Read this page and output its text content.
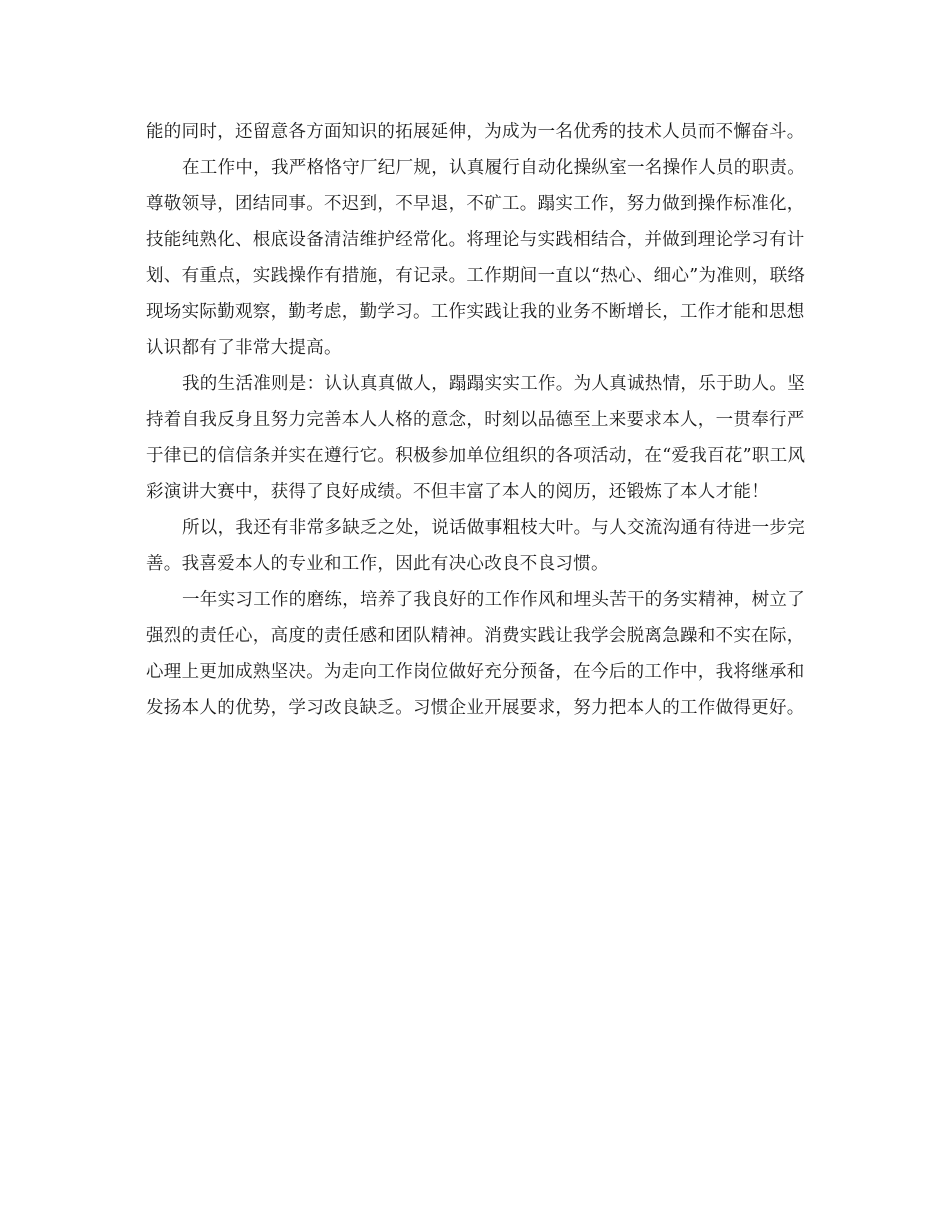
能的同时，还留意各方面知识的拓展延伸，为成为一名优秀的技术人员而不懈奋斗。

在工作中，我严格恪守厂纪厂规，认真履行自动化操纵室一名操作人员的职责。尊敬领导，团结同事。不迟到，不早退，不矿工。蹋实工作，努力做到操作标准化，技能纯熟化、根底设备清洁维护经常化。将理论与实践相结合，并做到理论学习有计划、有重点，实践操作有措施，有记录。工作期间一直以“热心、细心”为准则，联络现场实际勤观察，勤考虑，勤学习。工作实践让我的业务不断增长，工作才能和思想认识都有了非常大提高。

我的生活准则是：认认真真做人，蹋蹋实实工作。为人真诚热情，乐于助人。坚持着自我反身且努力完善本人人格的意念，时刻以品德至上来要求本人，一贯奉行严于律已的信信条并实在遵行它。积极参加单位组织的各项活动，在“爱我百花”职工风彩演讲大赛中，获得了良好成绩。不但丰富了本人的阅历，还锻炼了本人才能！

所以，我还有非常多缺乏之处，说话做事粗枝大叶。与人交流沟通有待进一步完善。我喜爱本人的专业和工作，因此有决心改良不良习惯。

一年实习工作的磨练，培养了我良好的工作作风和埋头苦干的务实精神，树立了强烈的责任心，高度的责任感和团队精神。消费实践让我学会脱离急躁和不实在际，心理上更加成熟坚决。为走向工作岗位做好充分预备，在今后的工作中，我将继承和发扬本人的优势，学习改良缺乏。习惯企业开展要求，努力把本人的工作做得更好。
